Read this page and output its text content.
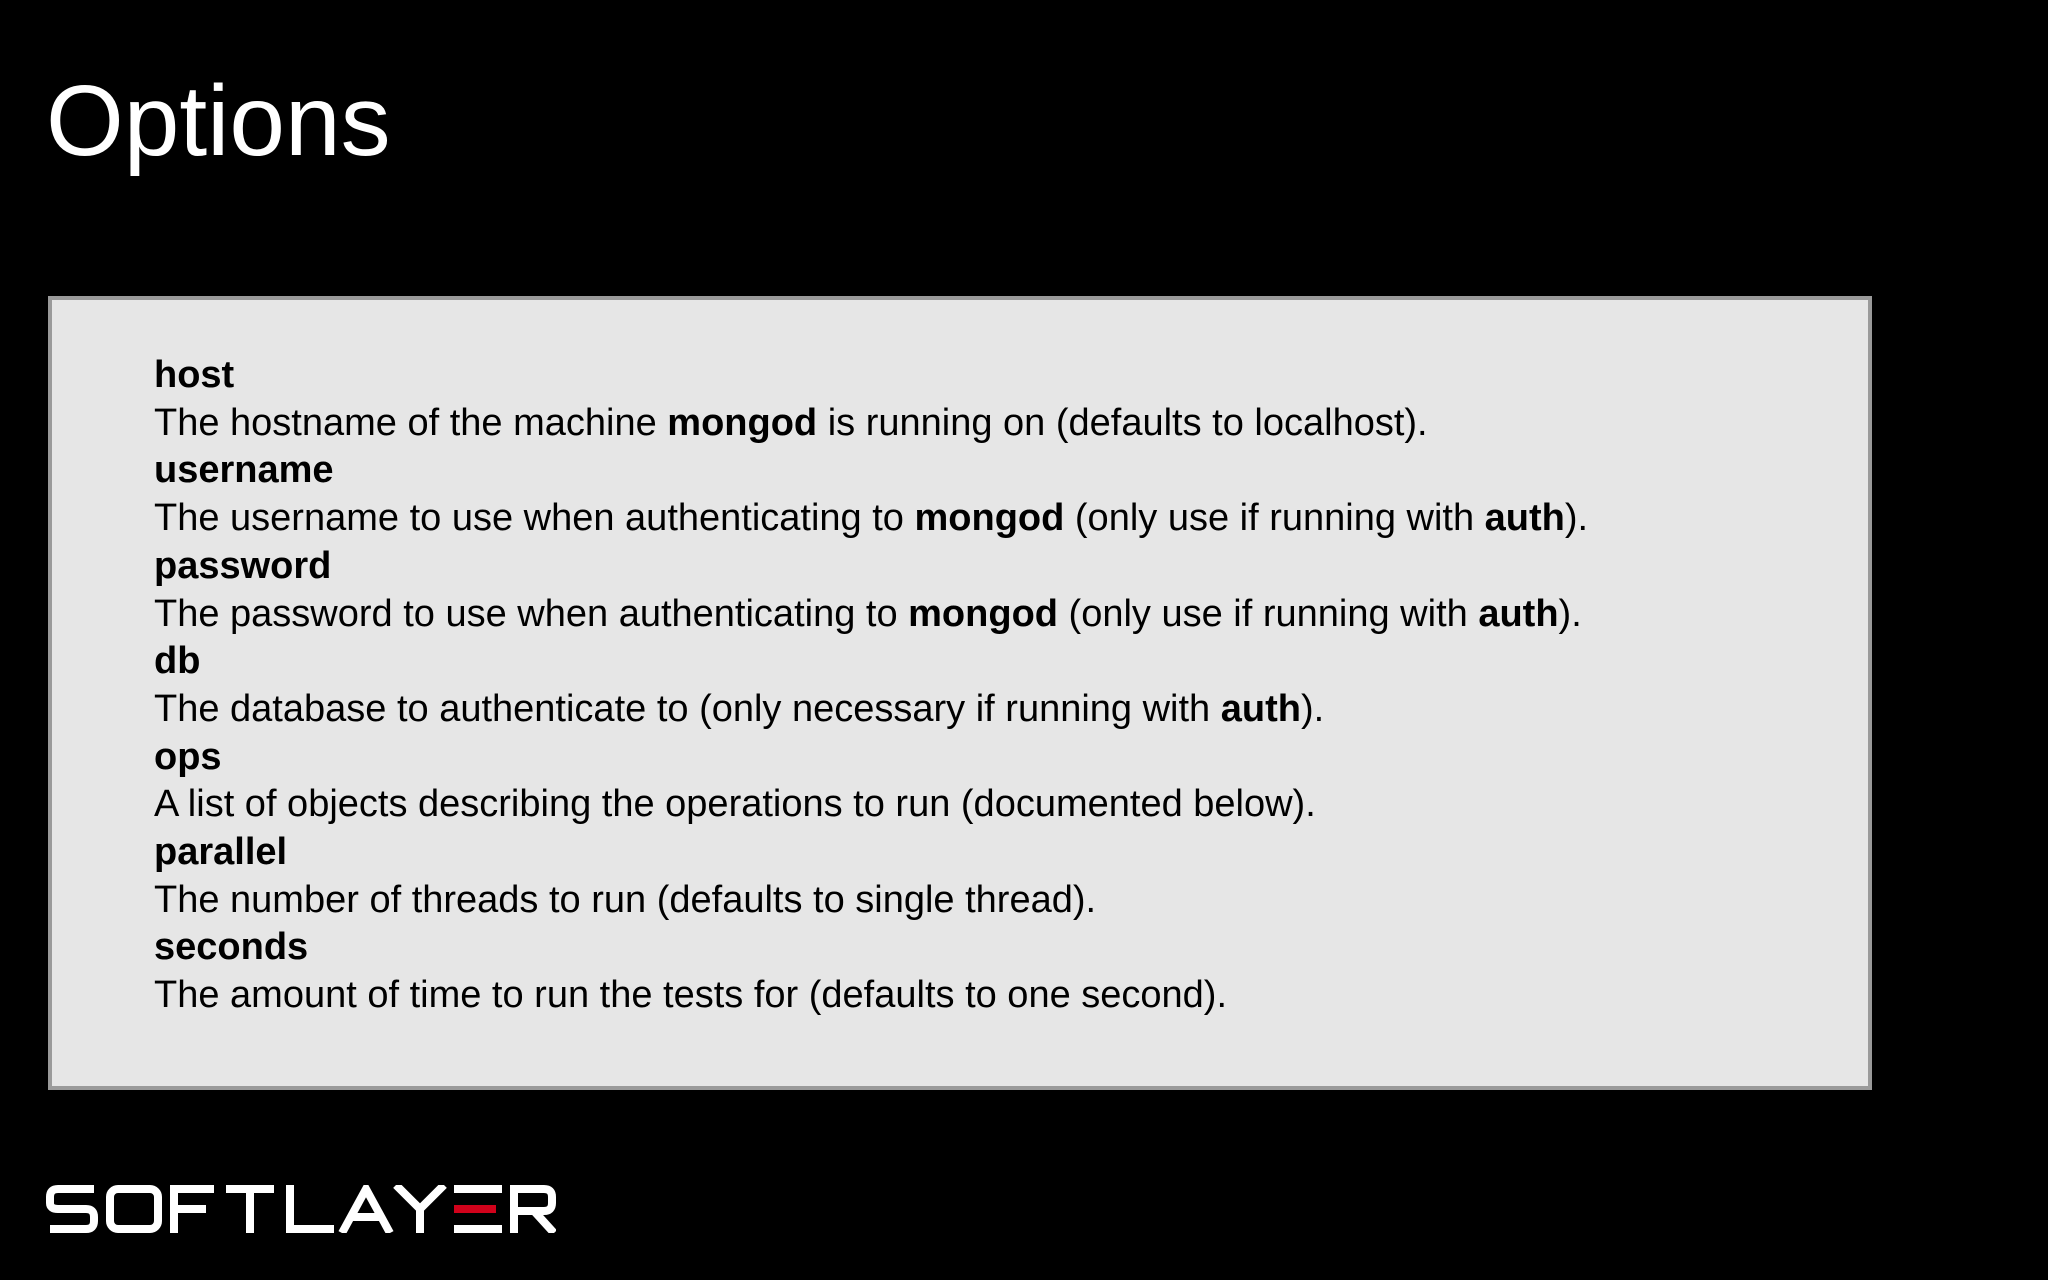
Options
host
The hostname of the machine mongod is running on (defaults to localhost).
username
The username to use when authenticating to mongod (only use if running with auth).
password
The password to use when authenticating to mongod (only use if running with auth).
db
The database to authenticate to (only necessary if running with auth).
ops
A list of objects describing the operations to run (documented below).
parallel
The number of threads to run (defaults to single thread).
seconds
The amount of time to run the tests for (defaults to one second).
